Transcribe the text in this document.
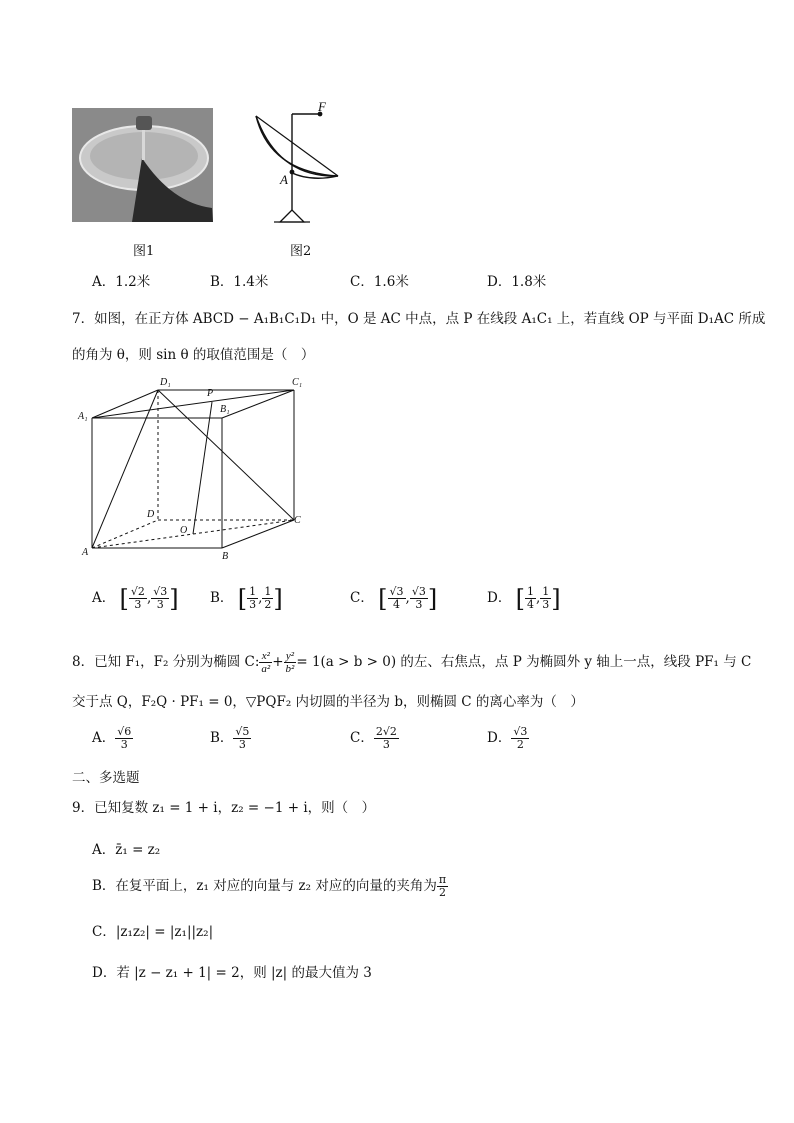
图1
F
A
图2
A．1.2米	B．1.4米	C．1.6米	D．1.8米
7．如图，在正方体 ABCD − A₁B₁C₁D₁ 中，O 是 AC 中点，点 P 在线段 A₁C₁ 上，若直线 OP 与平面 D₁AC 所成
的角为 θ，则 sin θ 的取值范围是（　）
D₁	C₁
A₁
B₁
P
D
C
O
A	B
A． [ $\frac{√2}{3}$ , $\frac{√3}{3}$ ] B． [ $\frac{1}{3}$ , $\frac{1}{2}$ ]	C． [ $\frac{√3}{4}$ , $\frac{√3}{3}$ ]	D． [ $\frac{1}{4}$ , $\frac{1}{3}$ ]
8．已知 F₁，F₂ 分别为椭圆 C: $\frac{\text{x²}}{\text{a²}} + \frac{\text{y²}}{\text{b²}} = 1(a > b > 0)$ 的左、右焦点，点 P 为椭圆外 y 轴上一点，线段 PF₁ 与 C
交于点 Q，F₂Q · PF₁ = 0，▽PQF₂ 内切圆的半径为 b，则椭圆 C 的离心率为（　）
A． $\frac{√6}{3}$	B． $\frac{√5}{3}$	C． $\frac{2√2}{3}$	D． $\frac{√3}{2}$
二、多选题
9．已知复数 z₁ = 1 + i，z₂ = −1 + i，则（　）
A．z̄₁ = z₂
B．在复平面上，z₁ 对应的向量与 z₂ 对应的向量的夹角为 $\frac{\pi}{2}$
C．|z₁z₂| = |z₁||z₂|
D．若 |z − z₁ + 1| = 2，则 |z| 的最大值为 3
